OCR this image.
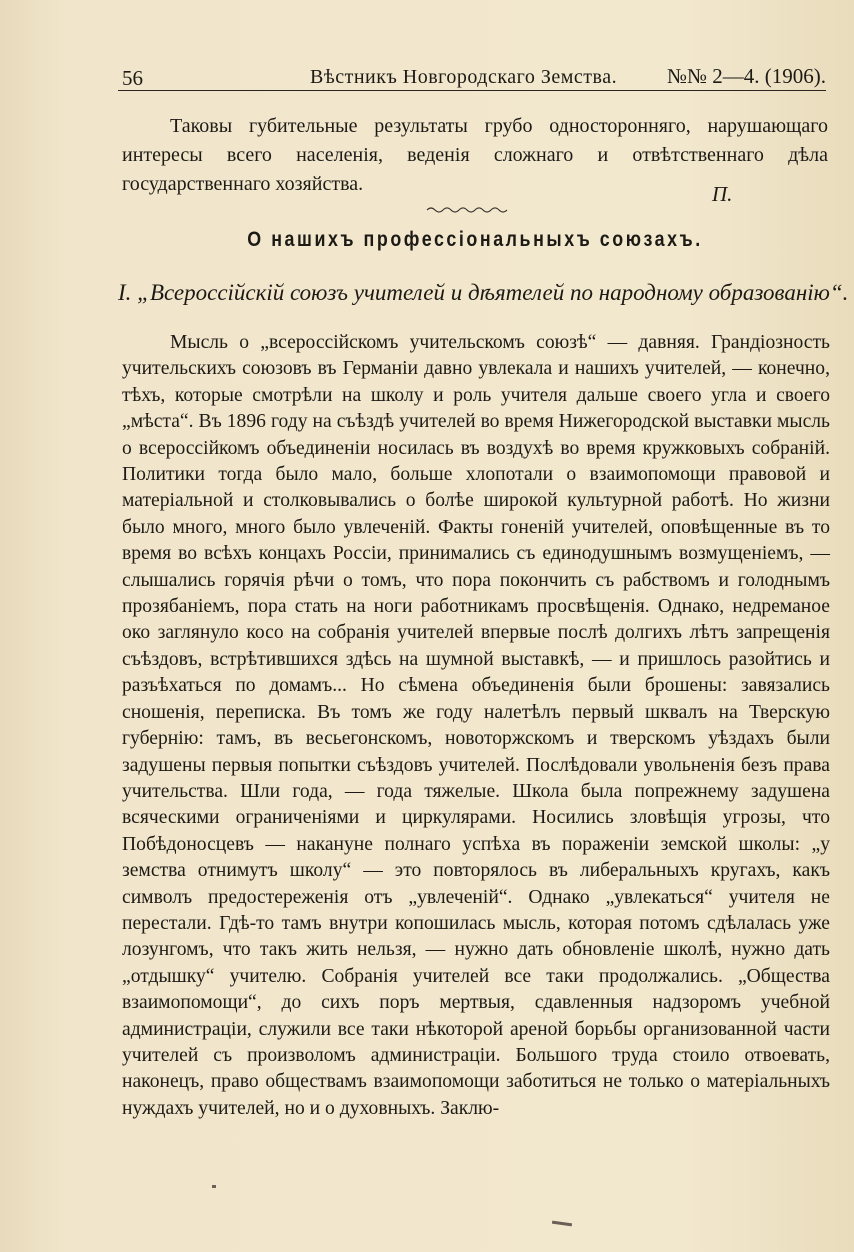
56	Вѣстникъ Новгородскаго Земства. №№ 2—4. (1906).

Таковы губительные результаты грубо односторонняго, нарушающаго интересы всего населенія, веденія сложнаго и отвѣтственнаго дѣла государственнаго хозяйства.	П.
О нашихъ профессіональныхъ союзахъ.
I. „Всероссійскій союзъ учителей и дѣятелей по народному образованію“.

Мысль о „всероссійскомъ учительскомъ союзѣ“ — давняя. Грандіозность учительскихъ союзовъ въ Германіи давно увлекала и нашихъ учителей, — конечно, тѣхъ, которые смотрѣли на школу и роль учителя дальше своего угла и своего „мѣста“. Въ 1896 году на съѣздѣ учителей во время Нижегородской выставки мысль о всероссійкомъ объединеніи носилась въ воздухѣ во время кружковыхъ собраній. Политики тогда было мало, больше хлопотали о взаимопомощи правовой и матеріальной и столковывались о болѣе широкой культурной работѣ. Но жизни было много, много было увлеченій. Факты гоненій учителей, оповѣщенные въ то время во всѣхъ концахъ Россіи, принимались съ единодушнымъ возмущеніемъ, — слышались горячія рѣчи о томъ, что пора покончить съ рабствомъ и голоднымъ прозябаніемъ, пора стать на ноги работникамъ просвѣщенія. Однако, недреманое око заглянуло косо на собранія учителей впервые послѣ долгихъ лѣтъ запрещенія съѣздовъ, встрѣтившихся здѣсь на шумной выставкѣ, — и пришлось разойтись и разъѣхаться по домамъ... Но сѣмена объединенія были брошены: завязались сношенія, переписка. Въ томъ же году налетѣлъ первый шквалъ на Тверскую губернію: тамъ, въ весьегонскомъ, новоторжскомъ и тверскомъ уѣздахъ были задушены первыя попытки съѣздовъ учителей. Послѣдовали увольненія безъ права учительства. Шли года, — года тяжелые. Школа была попрежнему задушена всяческими ограниченіями и циркулярами. Носились зловѣщія угрозы, что Побѣдоносцевъ — накануне полнаго успѣха въ пораженіи земской школы: „у земства отнимутъ школу“ — это повторялось въ либеральныхъ кругахъ, какъ символъ предостереженія отъ „увлеченій“. Однако „увлекаться“ учителя не перестали. Гдѣ-то тамъ внутри копошилась мысль, которая потомъ сдѣлалась уже лозунгомъ, что такъ жить нельзя, — нужно дать обновленіе школѣ, нужно дать „отдышку“ учителю. Собранія учителей все таки продолжались. „Общества взаимопомощи“, до сихъ поръ мертвыя, сдавленныя надзоромъ учебной администраціи, служили все таки нѣкоторой ареной борьбы организованной части учителей съ произволомъ администраціи. Большого труда стоило отвоевать, наконецъ, право обществамъ взаимопомощи заботиться не только о матеріальныхъ нуждахъ учителей, но и о духовныхъ. Заклю-
